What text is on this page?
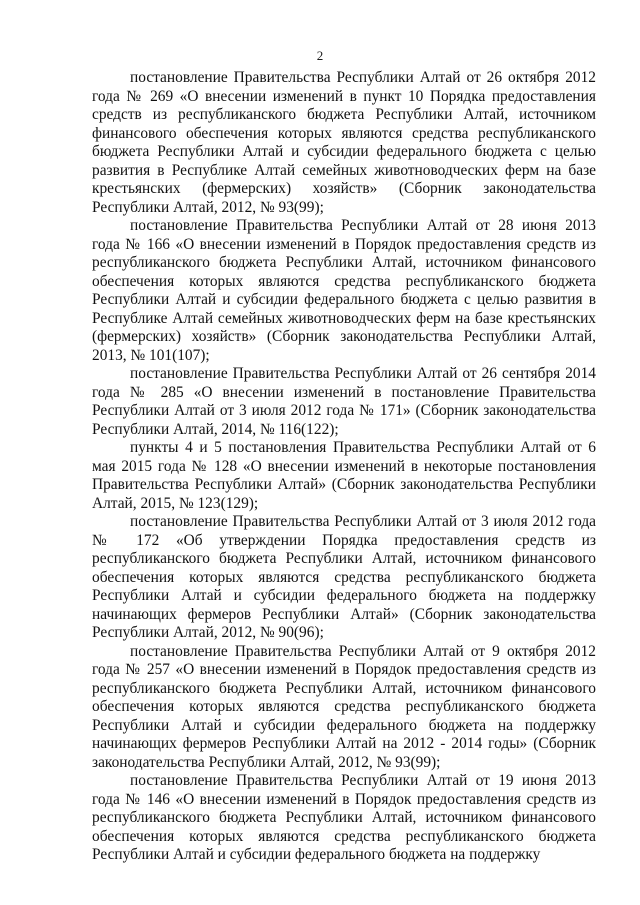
2

постановление Правительства Республики Алтай от 26 октября 2012 года № 269 «О внесении изменений в пункт 10 Порядка предоставления средств из республиканского бюджета Республики Алтай, источником финансового обеспечения которых являются средства республиканского бюджета Республики Алтай и субсидии федерального бюджета с целью развития в Республике Алтай семейных животноводческих ферм на базе крестьянских (фермерских) хозяйств» (Сборник законодательства Республики Алтай, 2012, № 93(99);

постановление Правительства Республики Алтай от 28 июня 2013 года № 166 «О внесении изменений в Порядок предоставления средств из республиканского бюджета Республики Алтай, источником финансового обеспечения которых являются средства республиканского бюджета Республики Алтай и субсидии федерального бюджета с целью развития в Республике Алтай семейных животноводческих ферм на базе крестьянских (фермерских) хозяйств» (Сборник законодательства Республики Алтай, 2013, № 101(107);

постановление Правительства Республики Алтай от 26 сентября 2014 года № 285 «О внесении изменений в постановление Правительства Республики Алтай от 3 июля 2012 года № 171» (Сборник законодательства Республики Алтай, 2014, № 116(122);

пункты 4 и 5 постановления Правительства Республики Алтай от 6 мая 2015 года № 128 «О внесении изменений в некоторые постановления Правительства Республики Алтай» (Сборник законодательства Республики Алтай, 2015, № 123(129);

постановление Правительства Республики Алтай от 3 июля 2012 года № 172 «Об утверждении Порядка предоставления средств из республиканского бюджета Республики Алтай, источником финансового обеспечения которых являются средства республиканского бюджета Республики Алтай и субсидии федерального бюджета на поддержку начинающих фермеров Республики Алтай» (Сборник законодательства Республики Алтай, 2012, № 90(96);

постановление Правительства Республики Алтай от 9 октября 2012 года № 257 «О внесении изменений в Порядок предоставления средств из республиканского бюджета Республики Алтай, источником финансового обеспечения которых являются средства республиканского бюджета Республики Алтай и субсидии федерального бюджета на поддержку начинающих фермеров Республики Алтай на 2012 - 2014 годы» (Сборник законодательства Республики Алтай, 2012, № 93(99);

постановление Правительства Республики Алтай от 19 июня 2013 года № 146 «О внесении изменений в Порядок предоставления средств из республиканского бюджета Республики Алтай, источником финансового обеспечения которых являются средства республиканского бюджета Республики Алтай и субсидии федерального бюджета на поддержку
